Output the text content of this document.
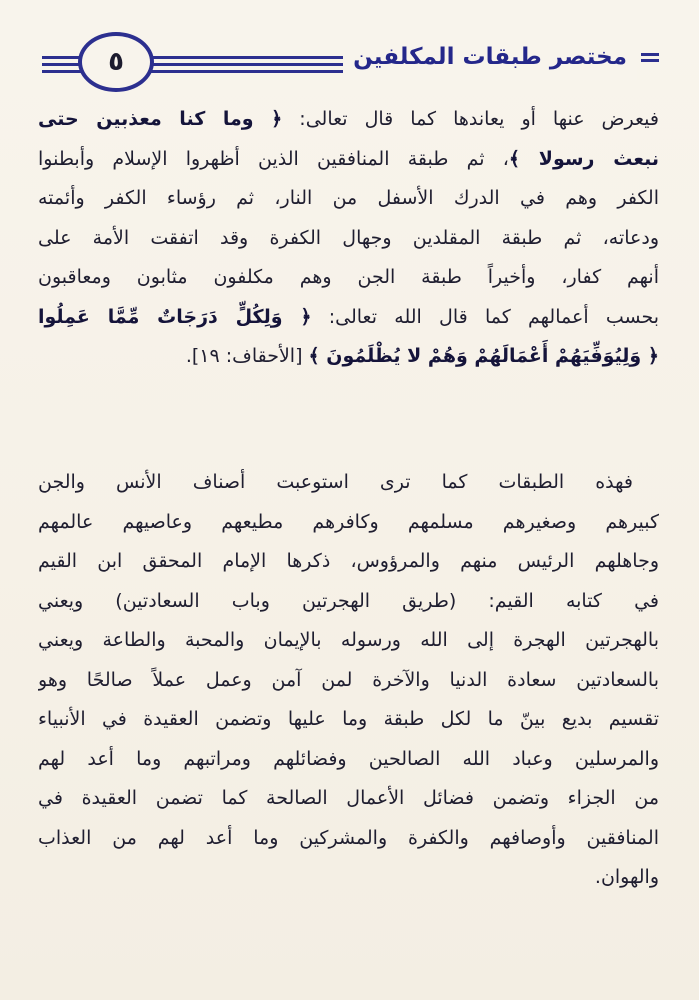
مختصر طبقات المكلفين
٥
فيعرض عنها أو يعاندها كما قال تعالى: ﴿ وما كنا معذبين حتى
نبعث رسولا ﴾، ثم طبقة المنافقين الذين أظهروا الإسلام وأبطنوا
الكفر وهم في الدرك الأسفل من النار، ثم رؤساء الكفر وأئمته
ودعاته، ثم طبقة المقلدين وجهال الكفرة وقد اتفقت الأمة على
أنهم كفار، وأخيراً طبقة الجن وهم مكلفون مثابون ومعاقبون
بحسب أعمالهم كما قال الله تعالى: ﴿ وَلِكُلٍّ دَرَجَاتٌ مِّمَّا عَمِلُوا
﴿ وَلِيُوَفِّيَهُمْ أَعْمَالَهُمْ وَهُمْ لا يُظْلَمُونَ ﴾ [الأحقاف: ١٩].
فهذه الطبقات كما ترى استوعبت أصناف الأنس والجن
كبيرهم وصغيرهم مسلمهم وكافرهم مطيعهم وعاصيهم عالمهم
وجاهلهم الرئيس منهم والمرؤوس، ذكرها الإمام المحقق ابن القيم
في كتابه القيم: (طريق الهجرتين وباب السعادتين) ويعني
بالهجرتين الهجرة إلى الله ورسوله بالإيمان والمحبة والطاعة ويعني
بالسعادتين سعادة الدنيا والآخرة لمن آمن وعمل عملاً صالحًا وهو
تقسيم بديع بينّ ما لكل طبقة وما عليها وتضمن العقيدة في الأنبياء
والمرسلين وعباد الله الصالحين وفضائلهم ومراتبهم وما أعد لهم
من الجزاء وتضمن فضائل الأعمال الصالحة كما تضمن العقيدة في
المنافقين وأوصافهم والكفرة والمشركين وما أعد لهم من العذاب
والهوان.
